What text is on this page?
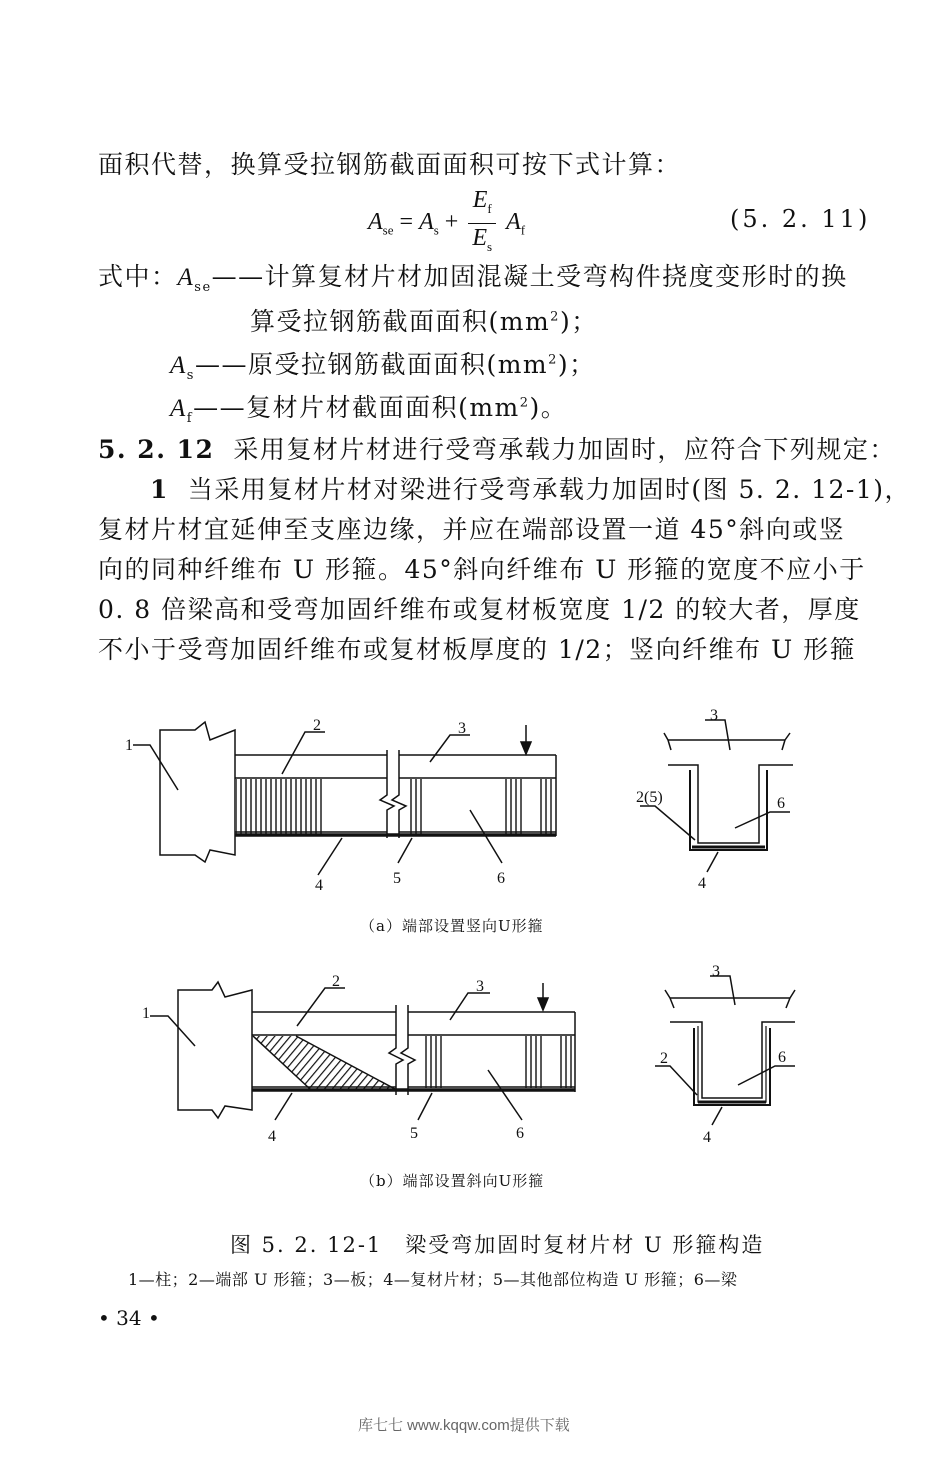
面积代替，换算受拉钢筋截面面积可按下式计算：
$A_{se} = A_s + \frac{E_f}{E_s} A_f$	(5. 2. 11)
式中：$A_{se}——$计算复材片材加固混凝土受弯构件挠度变形时的换
算受拉钢筋截面面积$(mm^2)$；
$A_s——$原受拉钢筋截面面积$(mm^2)$；
$A_f——$复材片材截面面积$(mm^2)$。
5. 2. 12 采用复材片材进行受弯承载力加固时，应符合下列规定：
1 当采用复材片材对梁进行受弯承载力加固时(图 5. 2. 12-1)，
复材片材宜延伸至支座边缘，并应在端部设置一道 45°斜向或竖
向的同种纤维布 U 形箍。45°斜向纤维布 U 形箍的宽度不应小于
0. 8 倍梁高和受弯加固纤维布或复材板宽度 1/2 的较大者，厚度
不小于受弯加固纤维布或复材板厚度的 1/2；竖向纤维布 U 形箍
1
2	3
4	5	6
3
2(5)	6
4
1
2	3
4	5	6
3
2	6
4
（a）端部设置竖向U形箍
（b）端部设置斜向U形箍
图 5. 2. 12-1　梁受弯加固时复材片材 U 形箍构造
1—柱；2—端部 U 形箍；3—板；4—复材片材；5—其他部位构造 U 形箍；6—梁
• 34 •
库七七 www.kqqw.com提供下载
